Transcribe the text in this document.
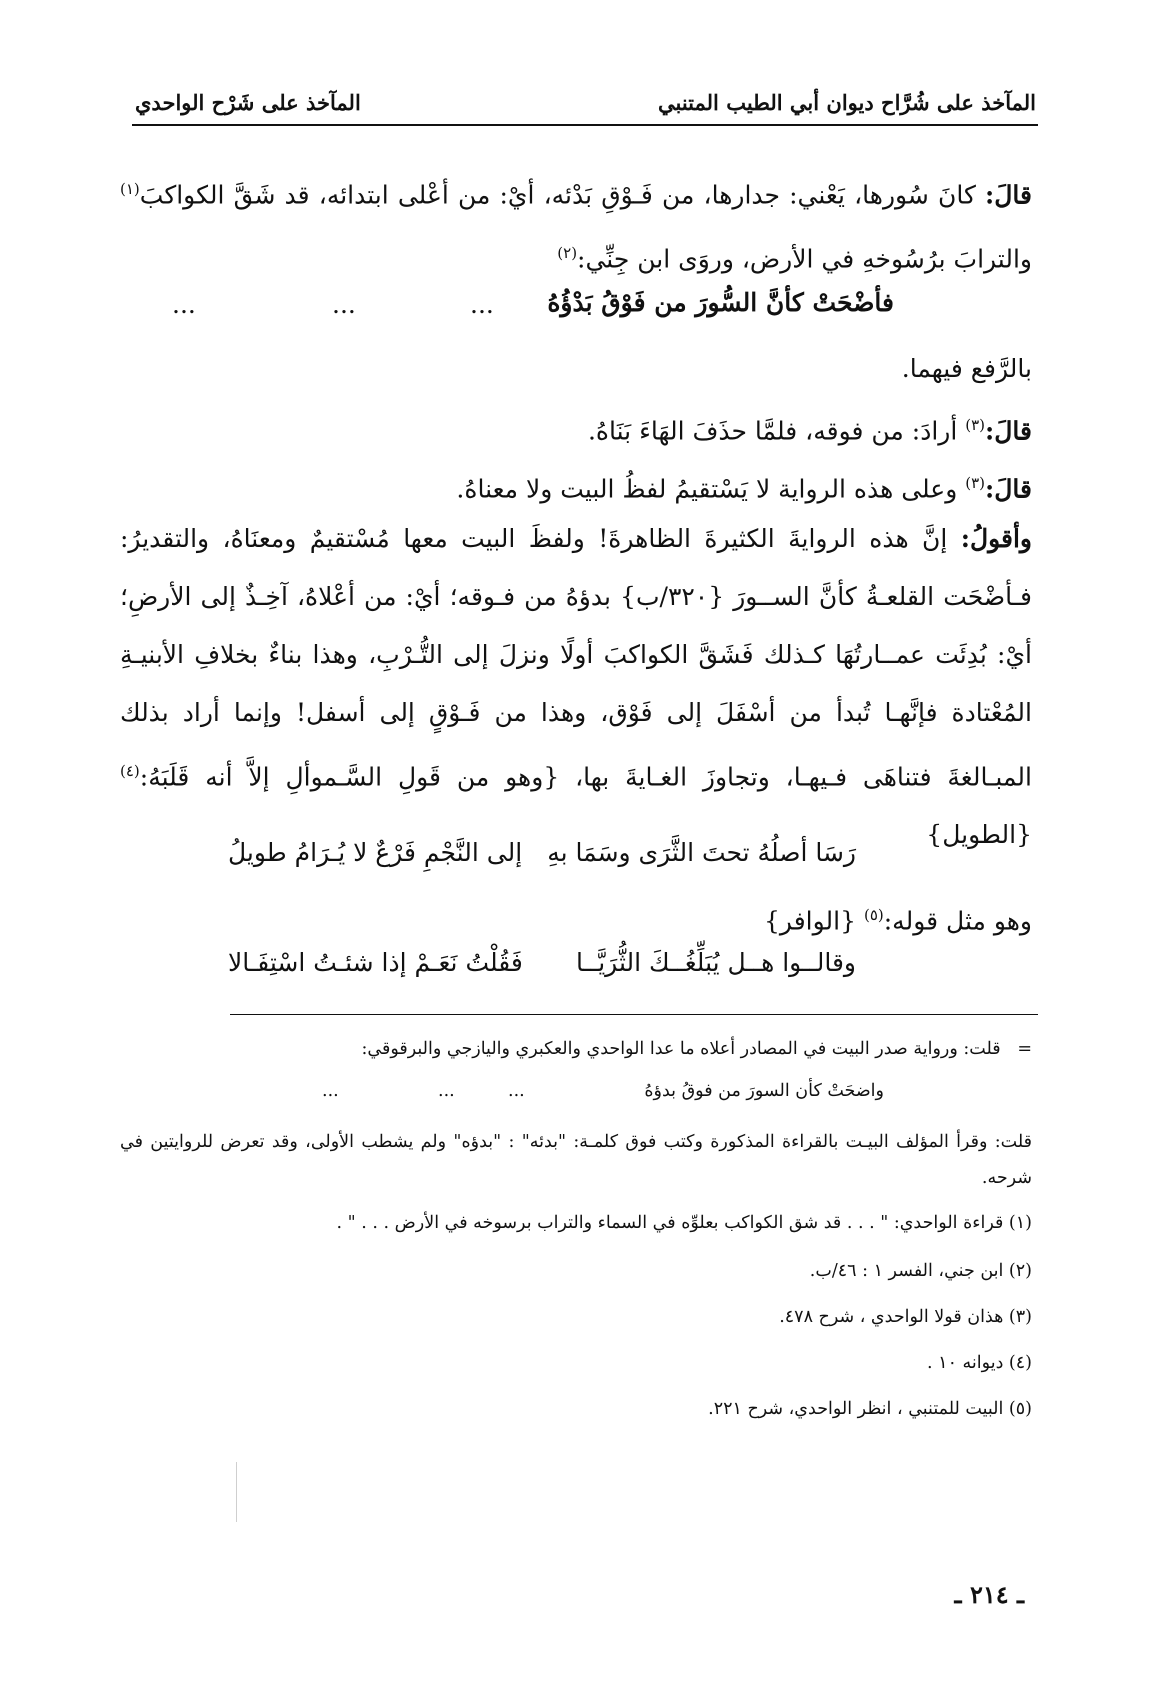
المآخذ على شُرَّاح ديوان أبي الطيب المتنبي
المآخذ على شَرْح الواحدي
قالَ: كانَ سُورها، يَعْني: جدارها، من فَـوْقِ بَدْئه، أيْ: من أعْلى ابتدائه، قد شَقَّ الكواكبَ$^{(١)}$ والترابَ برُسُوخهِ في الأرض، وروَى ابن جِنِّي:$^{(٢)}$
فأضْحَتْ كأنَّ السُّورَ من فَوْقُ بَدْؤُهُ
...
...
...
بالرَّفع فيهما.
قالَ:$^{(٣)}$ أرادَ: من فوقه، فلمَّا حذَفَ الهَاءَ بَنَاهُ.
قالَ:$^{(٣)}$ وعلى هذه الرواية لا يَسْتقيمُ لفظُ البيت ولا معناهُ.
وأقولُ: إنَّ هذه الروايةَ الكثيرةَ الظاهرةَ! ولفظَ البيت معها مُسْتقيمٌ ومعنَاهُ، والتقديرُ: فـأضْحَت القلعـةُ كأنَّ الســورَ {٣٢٠/ب} بدؤهُ من فـوقه؛ أيْ: من أعْلاهُ، آخِـذٌ إلى الأرضِ؛ أيْ: بُدِئَت عمــارتُهَا كـذلك فَشَقَّ الكواكبَ أولًا ونزلَ إلى التُّـرْبِ، وهذا بناءٌ بخلافِ الأبنيـةِ المُعْتادة فإنَّهـا تُبدأ من أسْفَلَ إلى فَوْق، وهذا من فَـوْقٍ إلى أسفل! وإنما أراد بذلك المبـالغةَ فتناهَى فـيهـا، وتجاوزَ الغـايةَ بها، {وهو من قَولِ السَّـموألِ إلاَّ أنه قَلَبَهُ:$^{(٤)}$ {الطويل}
رَسَا أصلُهُ تحتَ الثَّرَى وسَمَا بهِ
إلى النَّجْمِ فَرْعٌ لا يُـرَامُ طويلُ
وهو مثل قوله:$^{(٥)}$ {الوافر}
وقالــوا هــل يُبَلِّغُــكَ الثُّرَيَّــا
فَقُلْتُ نَعَـمْ إذا شئـتُ اسْتِفَـالا
=   قلت: ورواية صدر البيت في المصادر أعلاه ما عدا الواحدي والعكبري واليازجي والبرقوقي:
واضحَتْ كأن السورَ من فوقُ بدؤهُ
...
...
...
قلت: وقرأ المؤلف البيـت بالقراءة المذكورة وكتب فوق كلمـة: "بدئه" : "بدؤه" ولم يشطب الأولى، وقد تعرض للروايتين في شرحه.
(١) قراءة الواحدي: " . . . قد شق الكواكب بعلوِّه في السماء والتراب برسوخه في الأرض . . . " .
(٢) ابن جني، الفسر ١ : ٤٦/ب.
(٣) هذان قولا الواحدي ، شرح ٤٧٨.
(٤) ديوانه ١٠ .
(٥) البيت للمتنبي ، انظر الواحدي، شرح ٢٢١.
ـ ٢١٤ ـ
